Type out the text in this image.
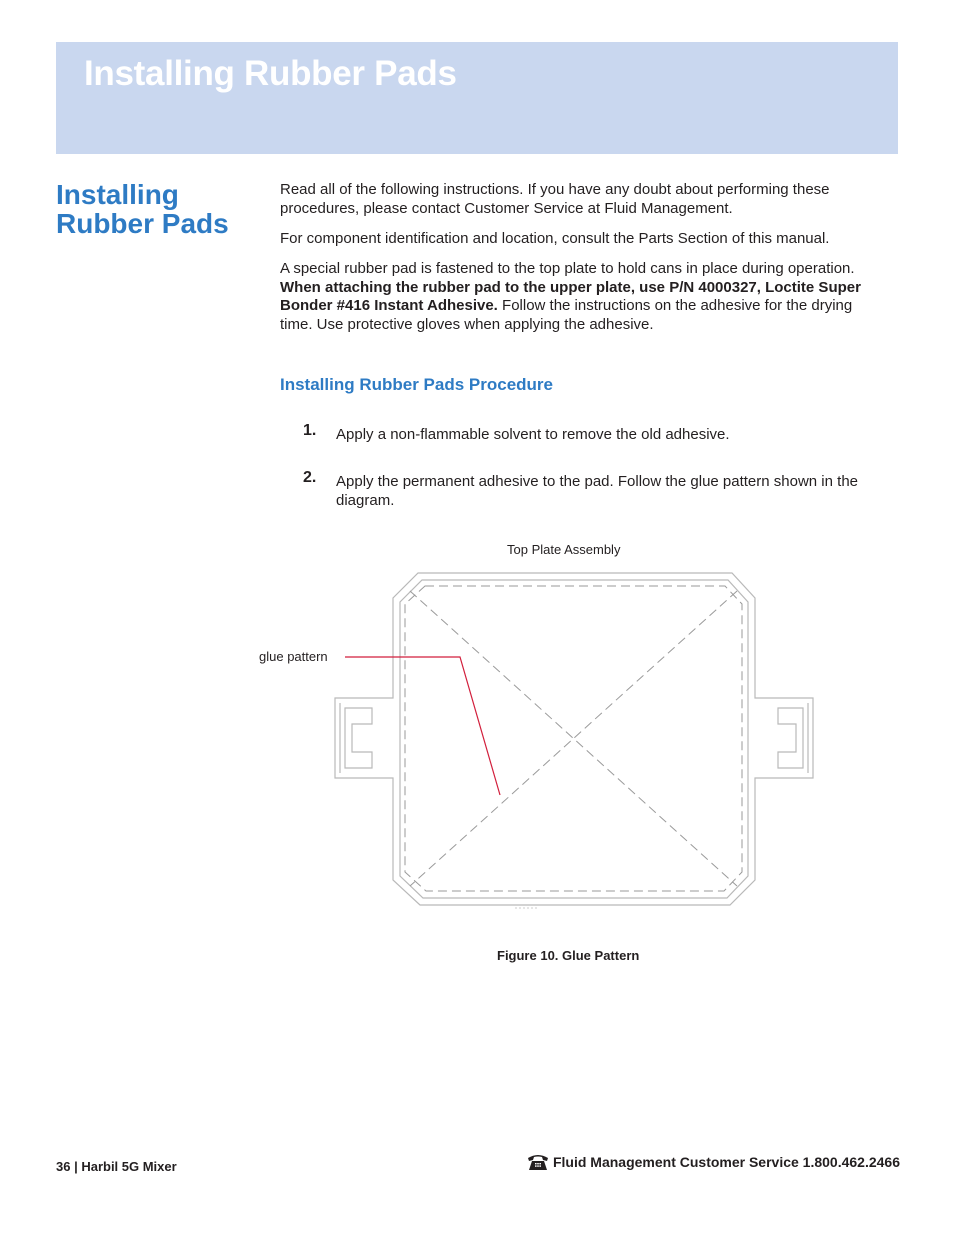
Installing Rubber Pads
Installing Rubber Pads

Read all of the following instructions. If you have any doubt about performing these procedures, please contact Customer Service at Fluid Management.

For component identification and location, consult the Parts Section of this manual.

A special rubber pad is fastened to the top plate to hold cans in place during operation. When attaching the rubber pad to the upper plate, use P/N 4000327, Loctite Super Bonder #416 Instant Adhesive. Follow the instructions on the adhesive for the drying time. Use protective gloves when applying the adhesive.

Installing Rubber Pads Procedure
1. Apply a non-flammable solvent to remove the old adhesive.
2. Apply the permanent adhesive to the pad. Follow the glue pattern shown in the diagram.
Top Plate Assembly
glue pattern
Figure 10. Glue Pattern
36 | Harbil 5G Mixer	Fluid Management Customer Service 1.800.462.2466
